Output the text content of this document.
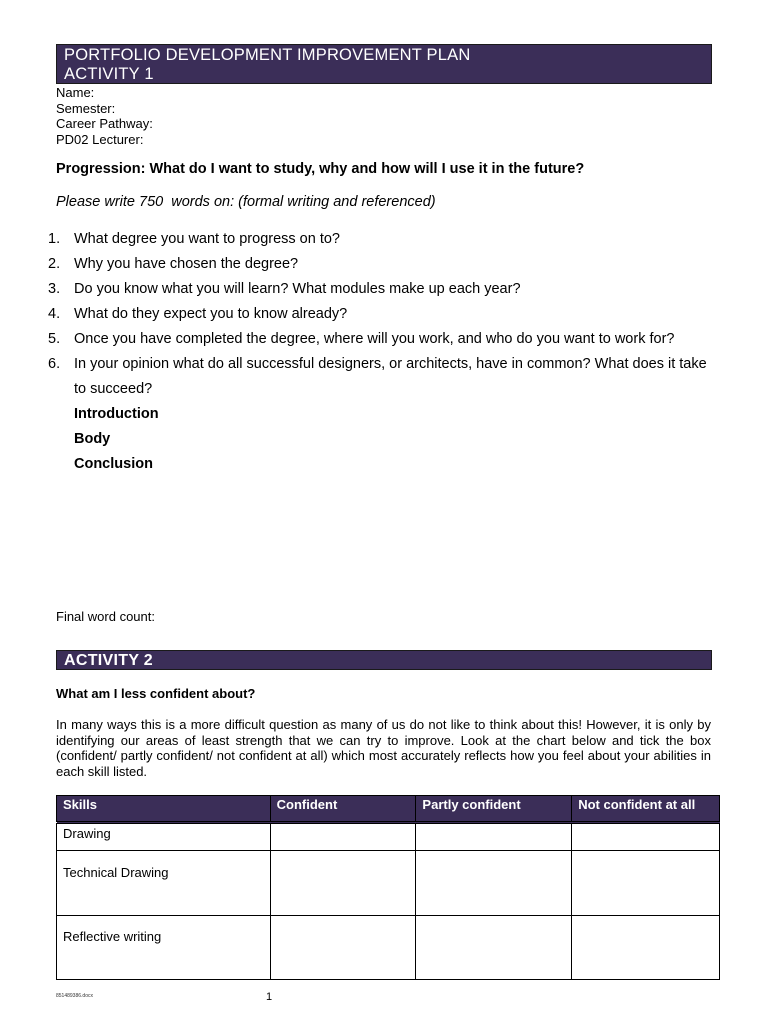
PORTFOLIO DEVELOPMENT IMPROVEMENT PLAN
ACTIVITY 1
Name:
Semester:
Career Pathway:
PD02 Lecturer:
Progression: What do I want to study, why and how will I use it in the future?
Please write 750  words on: (formal writing and referenced)
1. What degree you want to progress on to?
2. Why you have chosen the degree?
3. Do you know what you will learn? What modules make up each year?
4. What do they expect you to know already?
5. Once you have completed the degree, where will you work, and who do you want to work for?
6. In your opinion what do all successful designers, or architects, have in common? What does it take to succeed?
Introduction
Body
Conclusion
Final word count:
ACTIVITY 2
What am I less confident about?
In many ways this is a more difficult question as many of us do not like to think about this! However, it is only by identifying our areas of least strength that we can try to improve. Look at the chart below and tick the box (confident/ partly confident/ not confident at all) which most accurately reflects how you feel about your abilities in each skill listed.
Skills	Confident	Partly confident	Not confident at all
Drawing			
Technical Drawing			
Reflective writing			
851489386.docx	1
